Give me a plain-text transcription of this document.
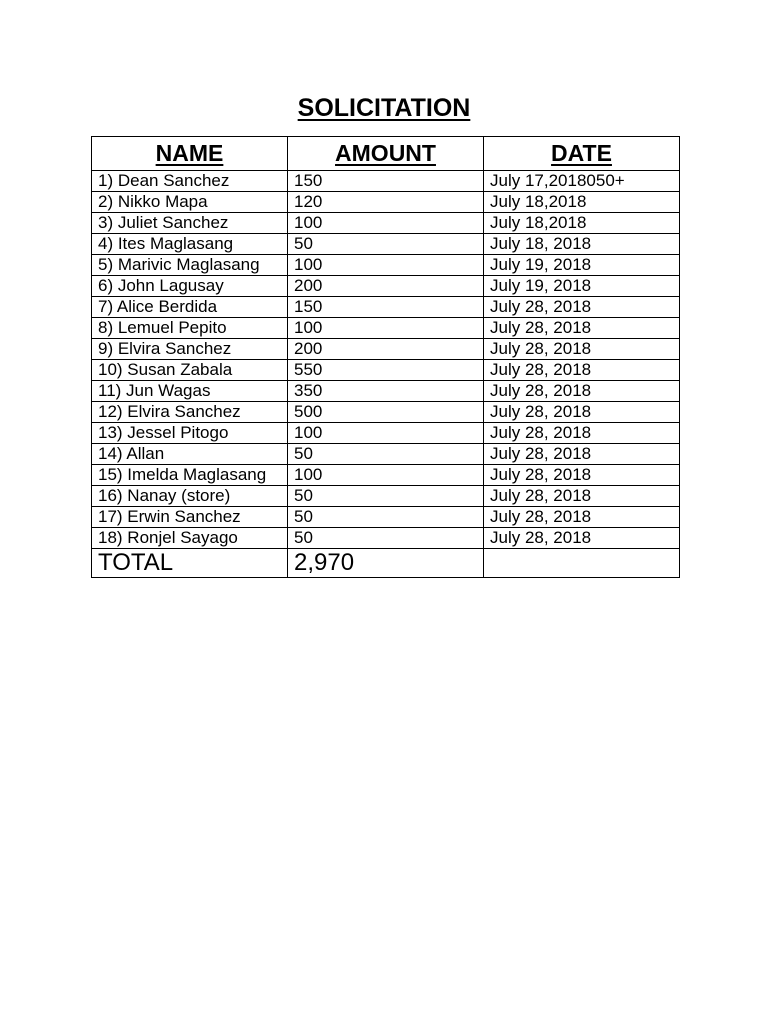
SOLICITATION
NAME	AMOUNT	DATE
1) Dean Sanchez	150	July 17,2018050+
2) Nikko Mapa	120	July 18,2018
3) Juliet Sanchez	100	July 18,2018
4) Ites Maglasang	50	July 18, 2018
5) Marivic Maglasang	100	July 19, 2018
6) John Lagusay	200	July 19, 2018
7) Alice Berdida	150	July 28, 2018
8) Lemuel Pepito	100	July 28, 2018
9) Elvira Sanchez	200	July 28, 2018
10) Susan Zabala	550	July 28, 2018
11) Jun Wagas	350	July 28, 2018
12) Elvira Sanchez	500	July 28, 2018
13) Jessel Pitogo	100	July 28, 2018
14) Allan	50	July 28, 2018
15) Imelda Maglasang	100	July 28, 2018
16) Nanay (store)	50	July 28, 2018
17) Erwin Sanchez	50	July 28, 2018
18) Ronjel Sayago	50	July 28, 2018
TOTAL	2,970	
